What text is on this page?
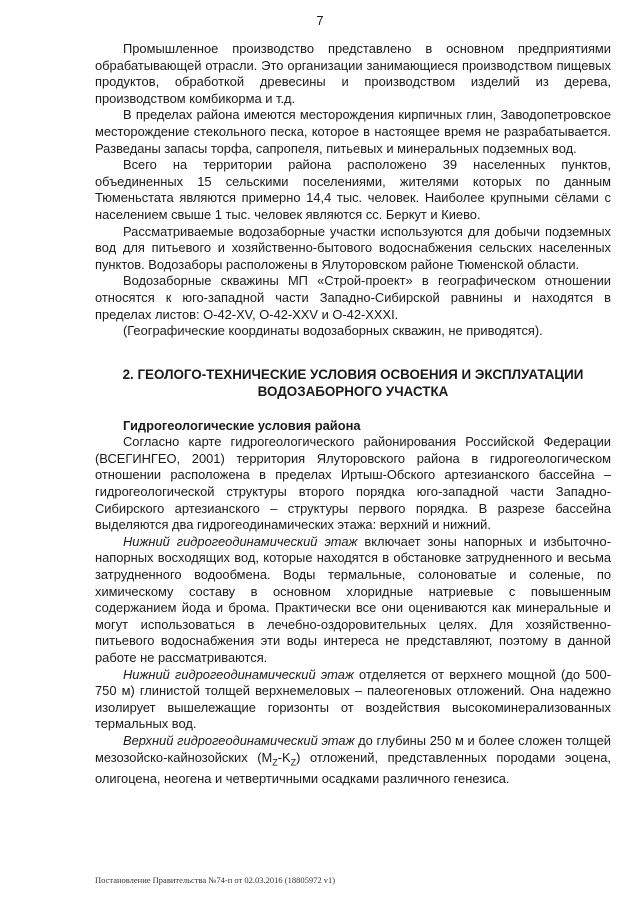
7

Промышленное производство представлено в основном предприятиями обрабатывающей отрасли. Это организации занимающиеся производством пищевых продуктов, обработкой древесины и производством изделий из дерева, производством комбикорма и т.д.

В пределах района имеются месторождения кирпичных глин, Заводопетровское месторождение стекольного песка, которое в настоящее время не разрабатывается. Разведаны запасы торфа, сапропеля, питьевых и минеральных подземных вод.

Всего на территории района расположено 39 населенных пунктов, объединенных 15 сельскими поселениями, жителями которых по данным Тюменьстата являются примерно 14,4 тыс. человек. Наиболее крупными сёлами с населением свыше 1 тыс. человек являются сс. Беркут и Киево.

Рассматриваемые водозаборные участки используются для добычи подземных вод для питьевого и хозяйственно-бытового водоснабжения сельских населенных пунктов. Водозаборы расположены в Ялуторовском районе Тюменской области.

Водозаборные скважины МП «Строй-проект» в географическом отношении относятся к юго-западной части Западно-Сибирской равнины и находятся в пределах листов: О-42-XV, О-42-XXV и О-42-XXXI.

(Географические координаты водозаборных скважин, не приводятся).

2. ГЕОЛОГО-ТЕХНИЧЕСКИЕ УСЛОВИЯ ОСВОЕНИЯ И ЭКСПЛУАТАЦИИ ВОДОЗАБОРНОГО УЧАСТКА

Гидрогеологические условия района

Согласно карте гидрогеологического районирования Российской Федерации (ВСЕГИНГЕО, 2001) территория Ялуторовского района в гидрогеологическом отношении расположена в пределах Иртыш-Обского артезианского бассейна – гидрогеологической структуры второго порядка юго-западной части Западно-Сибирского артезианского – структуры первого порядка. В разрезе бассейна выделяются два гидрогеодинамических этажа: верхний и нижний.

Нижний гидрогеодинамический этаж включает зоны напорных и избыточно-напорных восходящих вод, которые находятся в обстановке затрудненного и весьма затрудненного водообмена. Воды термальные, солоноватые и соленые, по химическому составу в основном хлоридные натриевые с повышенным содержанием йода и брома. Практически все они оцениваются как минеральные и могут использоваться в лечебно-оздоровительных целях. Для хозяйственно-питьевого водоснабжения эти воды интереса не представляют, поэтому в данной работе не рассматриваются.

Нижний гидрогеодинамический этаж отделяется от верхнего мощной (до 500-750 м) глинистой толщей верхнемеловых – палеогеновых отложений. Она надежно изолирует вышележащие горизонты от воздействия высокоминерализованных термальных вод.

Верхний гидрогеодинамический этаж до глубины 250 м и более сложен толщей мезозойско-кайнозойских $(M_Z-K_Z)$ отложений, представленных породами эоцена, олигоцена, неогена и четвертичными осадками различного генезиса.

Постановление Правительства №74-п от 02.03.2016 (18805972 v1)
